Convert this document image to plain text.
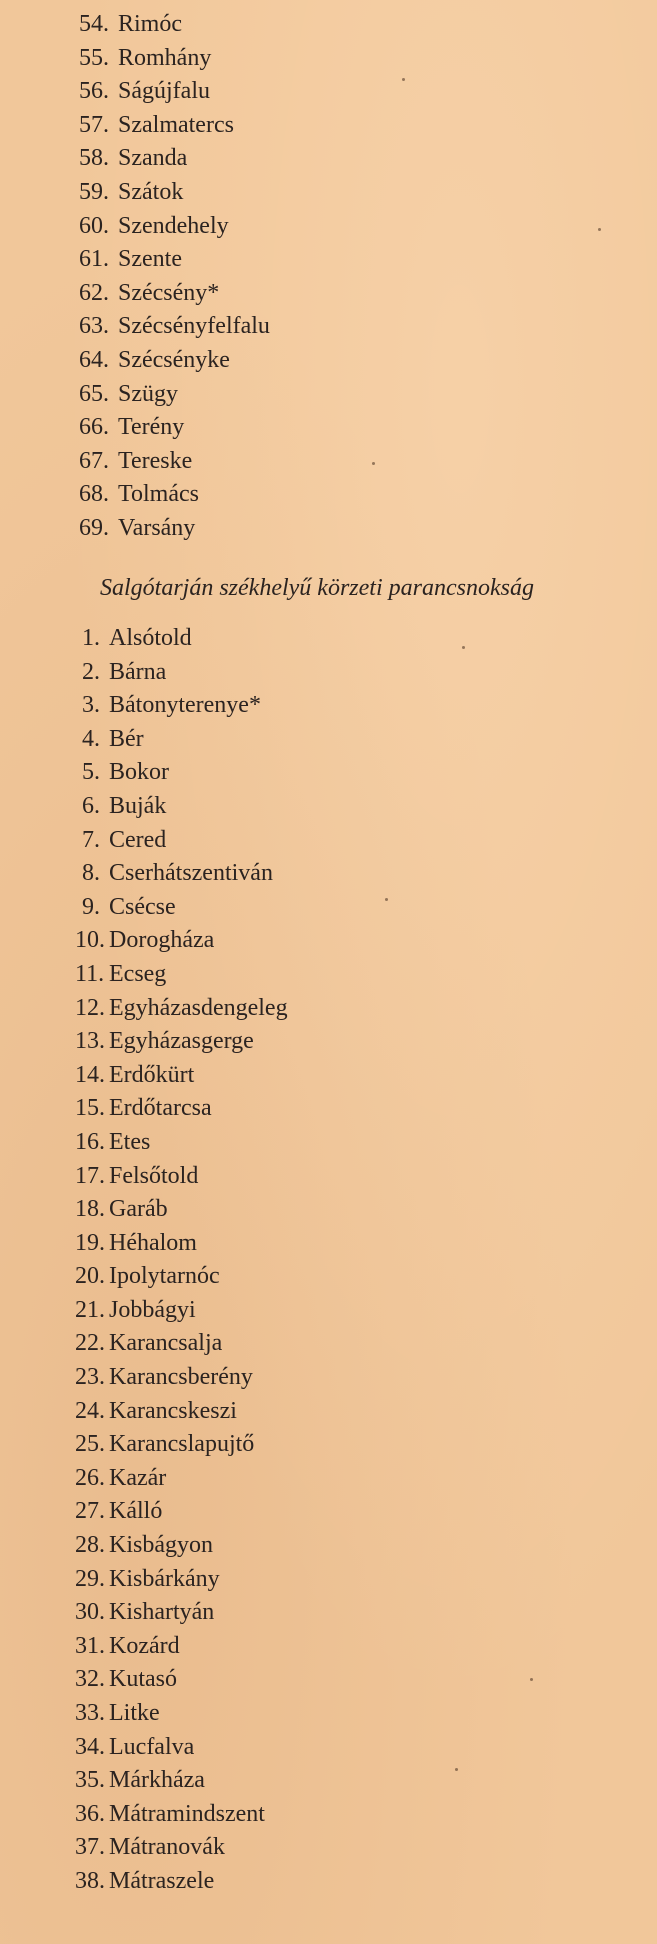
54. Rimóc
55. Romhány
56. Ságújfalu
57. Szalmatercs
58. Szanda
59. Szátok
60. Szendehely
61. Szente
62. Szécsény*
63. Szécsényfelfalu
64. Szécsényke
65. Szügy
66. Terény
67. Tereske
68. Tolmács
69. Varsány
Salgótarján székhelyű körzeti parancsnokság
1. Alsótold
2. Bárna
3. Bátonyterenye*
4. Bér
5. Bokor
6. Buják
7. Cered
8. Cserhátszentiván
9. Csécse
10. Dorogháza
11. Ecseg
12. Egyházasdengeleg
13. Egyházasgerge
14. Erdőkürt
15. Erdőtarcsa
16. Etes
17. Felsőtold
18. Garáb
19. Héhalom
20. Ipolytarnóc
21. Jobbágyi
22. Karancsalja
23. Karancsberény
24. Karancskeszi
25. Karancslapujtő
26. Kazár
27. Kálló
28. Kisbágyon
29. Kisbárkány
30. Kishartyán
31. Kozárd
32. Kutasó
33. Litke
34. Lucfalva
35. Márkháza
36. Mátramindszent
37. Mátranovák
38. Mátraszele
